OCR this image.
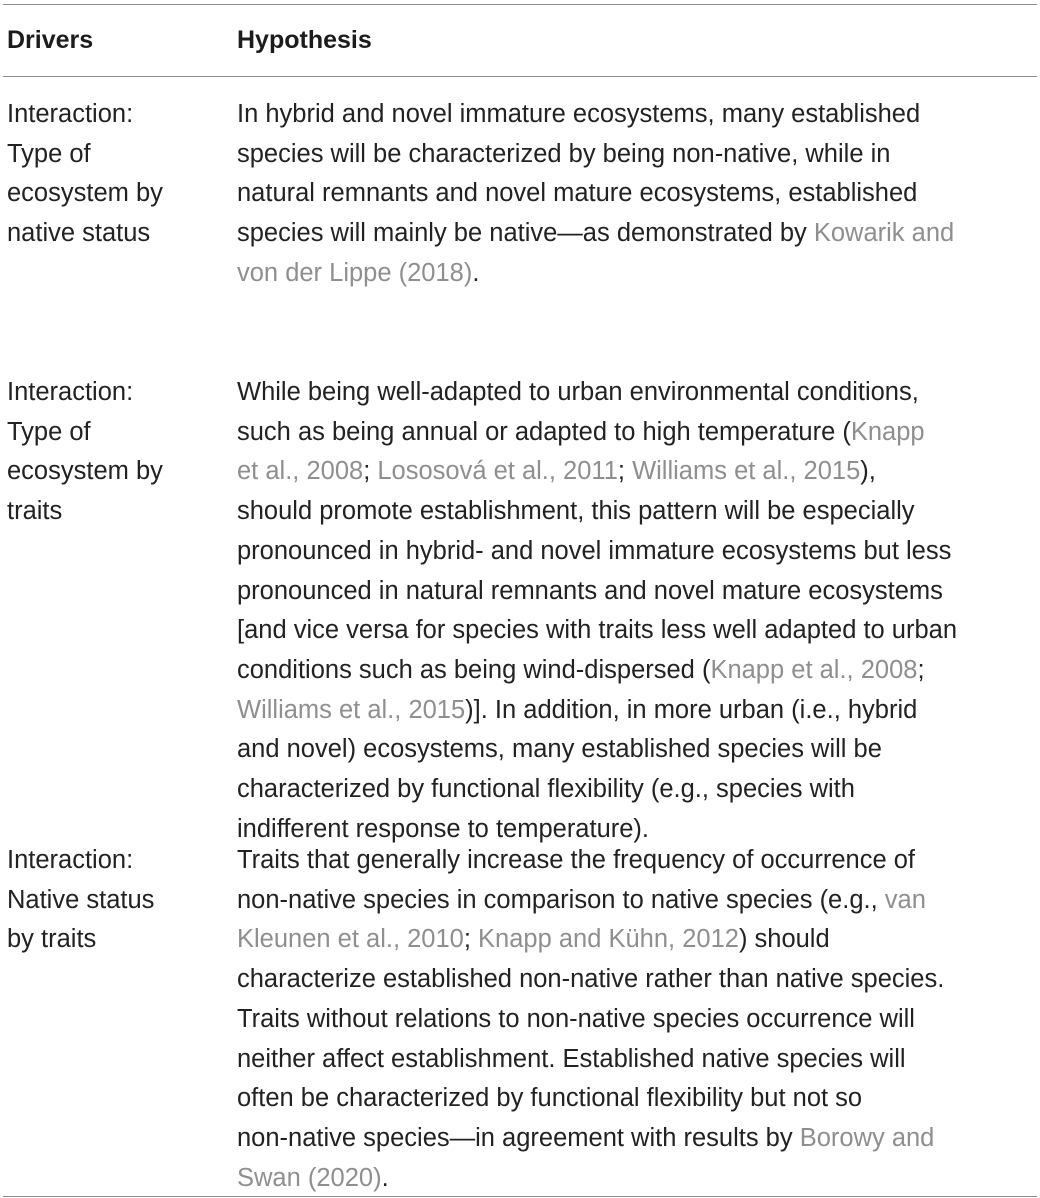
Drivers	Hypothesis
Interaction:
Type of
ecosystem by
native status
In hybrid and novel immature ecosystems, many established
species will be characterized by being non-native, while in
natural remnants and novel mature ecosystems, established
species will mainly be native—as demonstrated by Kowarik and
von der Lippe (2018).
Interaction:
Type of
ecosystem by
traits
While being well-adapted to urban environmental conditions,
such as being annual or adapted to high temperature (Knapp
et al., 2008; Lososová et al., 2011; Williams et al., 2015),
should promote establishment, this pattern will be especially
pronounced in hybrid- and novel immature ecosystems but less
pronounced in natural remnants and novel mature ecosystems
[and vice versa for species with traits less well adapted to urban
conditions such as being wind-dispersed (Knapp et al., 2008;
Williams et al., 2015)]. In addition, in more urban (i.e., hybrid
and novel) ecosystems, many established species will be
characterized by functional flexibility (e.g., species with
indifferent response to temperature).
Interaction:
Native status
by traits
Traits that generally increase the frequency of occurrence of
non-native species in comparison to native species (e.g., van
Kleunen et al., 2010; Knapp and Kühn, 2012) should
characterize established non-native rather than native species.
Traits without relations to non-native species occurrence will
neither affect establishment. Established native species will
often be characterized by functional flexibility but not so
non-native species—in agreement with results by Borowy and
Swan (2020).
